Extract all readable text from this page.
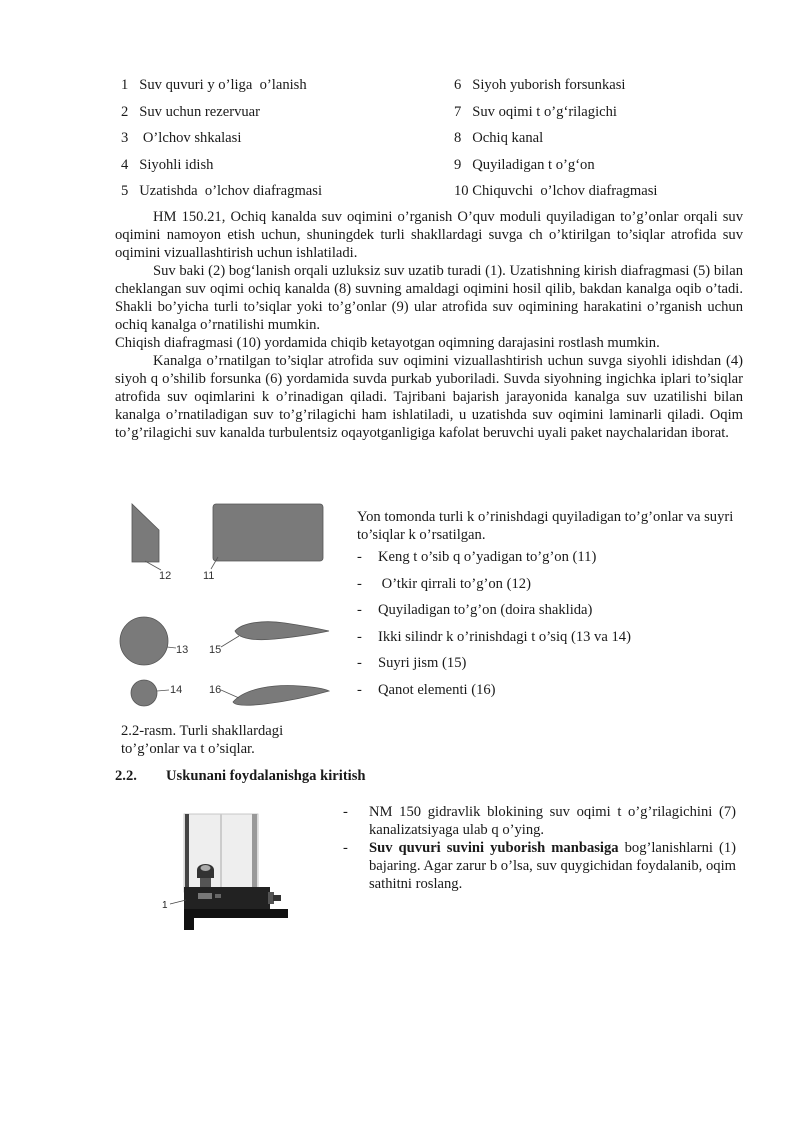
1   Suv quvuri y o’liga  o’lanish	6   Siyoh yuborish forsunkasi
2   Suv uchun rezervuar	7   Suv oqimi t o’g‘rilagichi
3    O’lchov shkalasi	8   Ochiq kanal
4   Siyohli idish	9   Quyiladigan t o’g‘on
5   Uzatishda  o’lchov diafragmasi	10 Chiquvchi  o’lchov diafragmasi

HM 150.21, Ochiq kanalda suv oqimini o’rganish O’quv moduli quyiladigan to’g’onlar orqali suv oqimini namoyon etish uchun, shuningdek turli shakllardagi suvga ch o’ktirilgan to’siqlar atrofida suv oqimini vizuallashtirish uchun ishlatiladi.

Suv baki (2) bog‘lanish orqali uzluksiz suv uzatib turadi (1). Uzatishning kirish diafragmasi (5) bilan cheklangan suv oqimi ochiq kanalda (8) suvning amaldagi oqimini hosil qilib, bakdan kanalga oqib o’tadi. Shakli bo’yicha turli to’siqlar yoki to’g’onlar (9) ular atrofida suv oqimining harakatini o’rganish uchun ochiq kanalga o’rnatilishi mumkin.

Chiqish diafragmasi (10) yordamida chiqib ketayotgan oqimning darajasini rostlash mumkin.

Kanalga o’rnatilgan to’siqlar atrofida suv oqimini vizuallashtirish uchun suvga siyohli idishdan (4) siyoh q o’shilib forsunka (6) yordamida suvda purkab yuboriladi. Suvda siyohning ingichka iplari to’siqlar atrofida suv oqimlarini k o’rinadigan qiladi. Tajribani bajarish jarayonida kanalga suv uzatilishi bilan kanalga o’rnatiladigan suv to’g’rilagichi ham ishlatiladi, u uzatishda suv oqimini laminarli qiladi. Oqim to’g’rilagichi suv kanalda turbulentsiz oqayotganligiga kafolat beruvchi uyali paket naychalaridan iborat.

12	11
13 15
14 16
2.2-rasm. Turli shakllardagi
to’g’onlar va t o’siqlar.

Yon tomonda turli k o’rinishdagi quyiladigan to’g’onlar va suyri to’siqlar k o’rsatilgan.

- Keng t o’sib q o’yadigan to’g’on (11)
- O’tkir qirrali to’g’on (12)
- Quyiladigan to’g’on (doira shaklida)
- Ikki silindr k o’rinishdagi t o’siq (13 va 14)
- Suyri jism (15)
- Qanot elementi (16)
2.2. Uskunani foydalanishga kiritish
1
- NM 150 gidravlik blokining suv oqimi t o’g’rilagichini (7) kanalizatsiyaga ulab q o’ying.
- Suv quvuri suvini yuborish manbasiga bog’lanishlarni (1) bajaring. Agar zarur b o’lsa, suv quygichidan foydalanib, oqim sathitni roslang.
